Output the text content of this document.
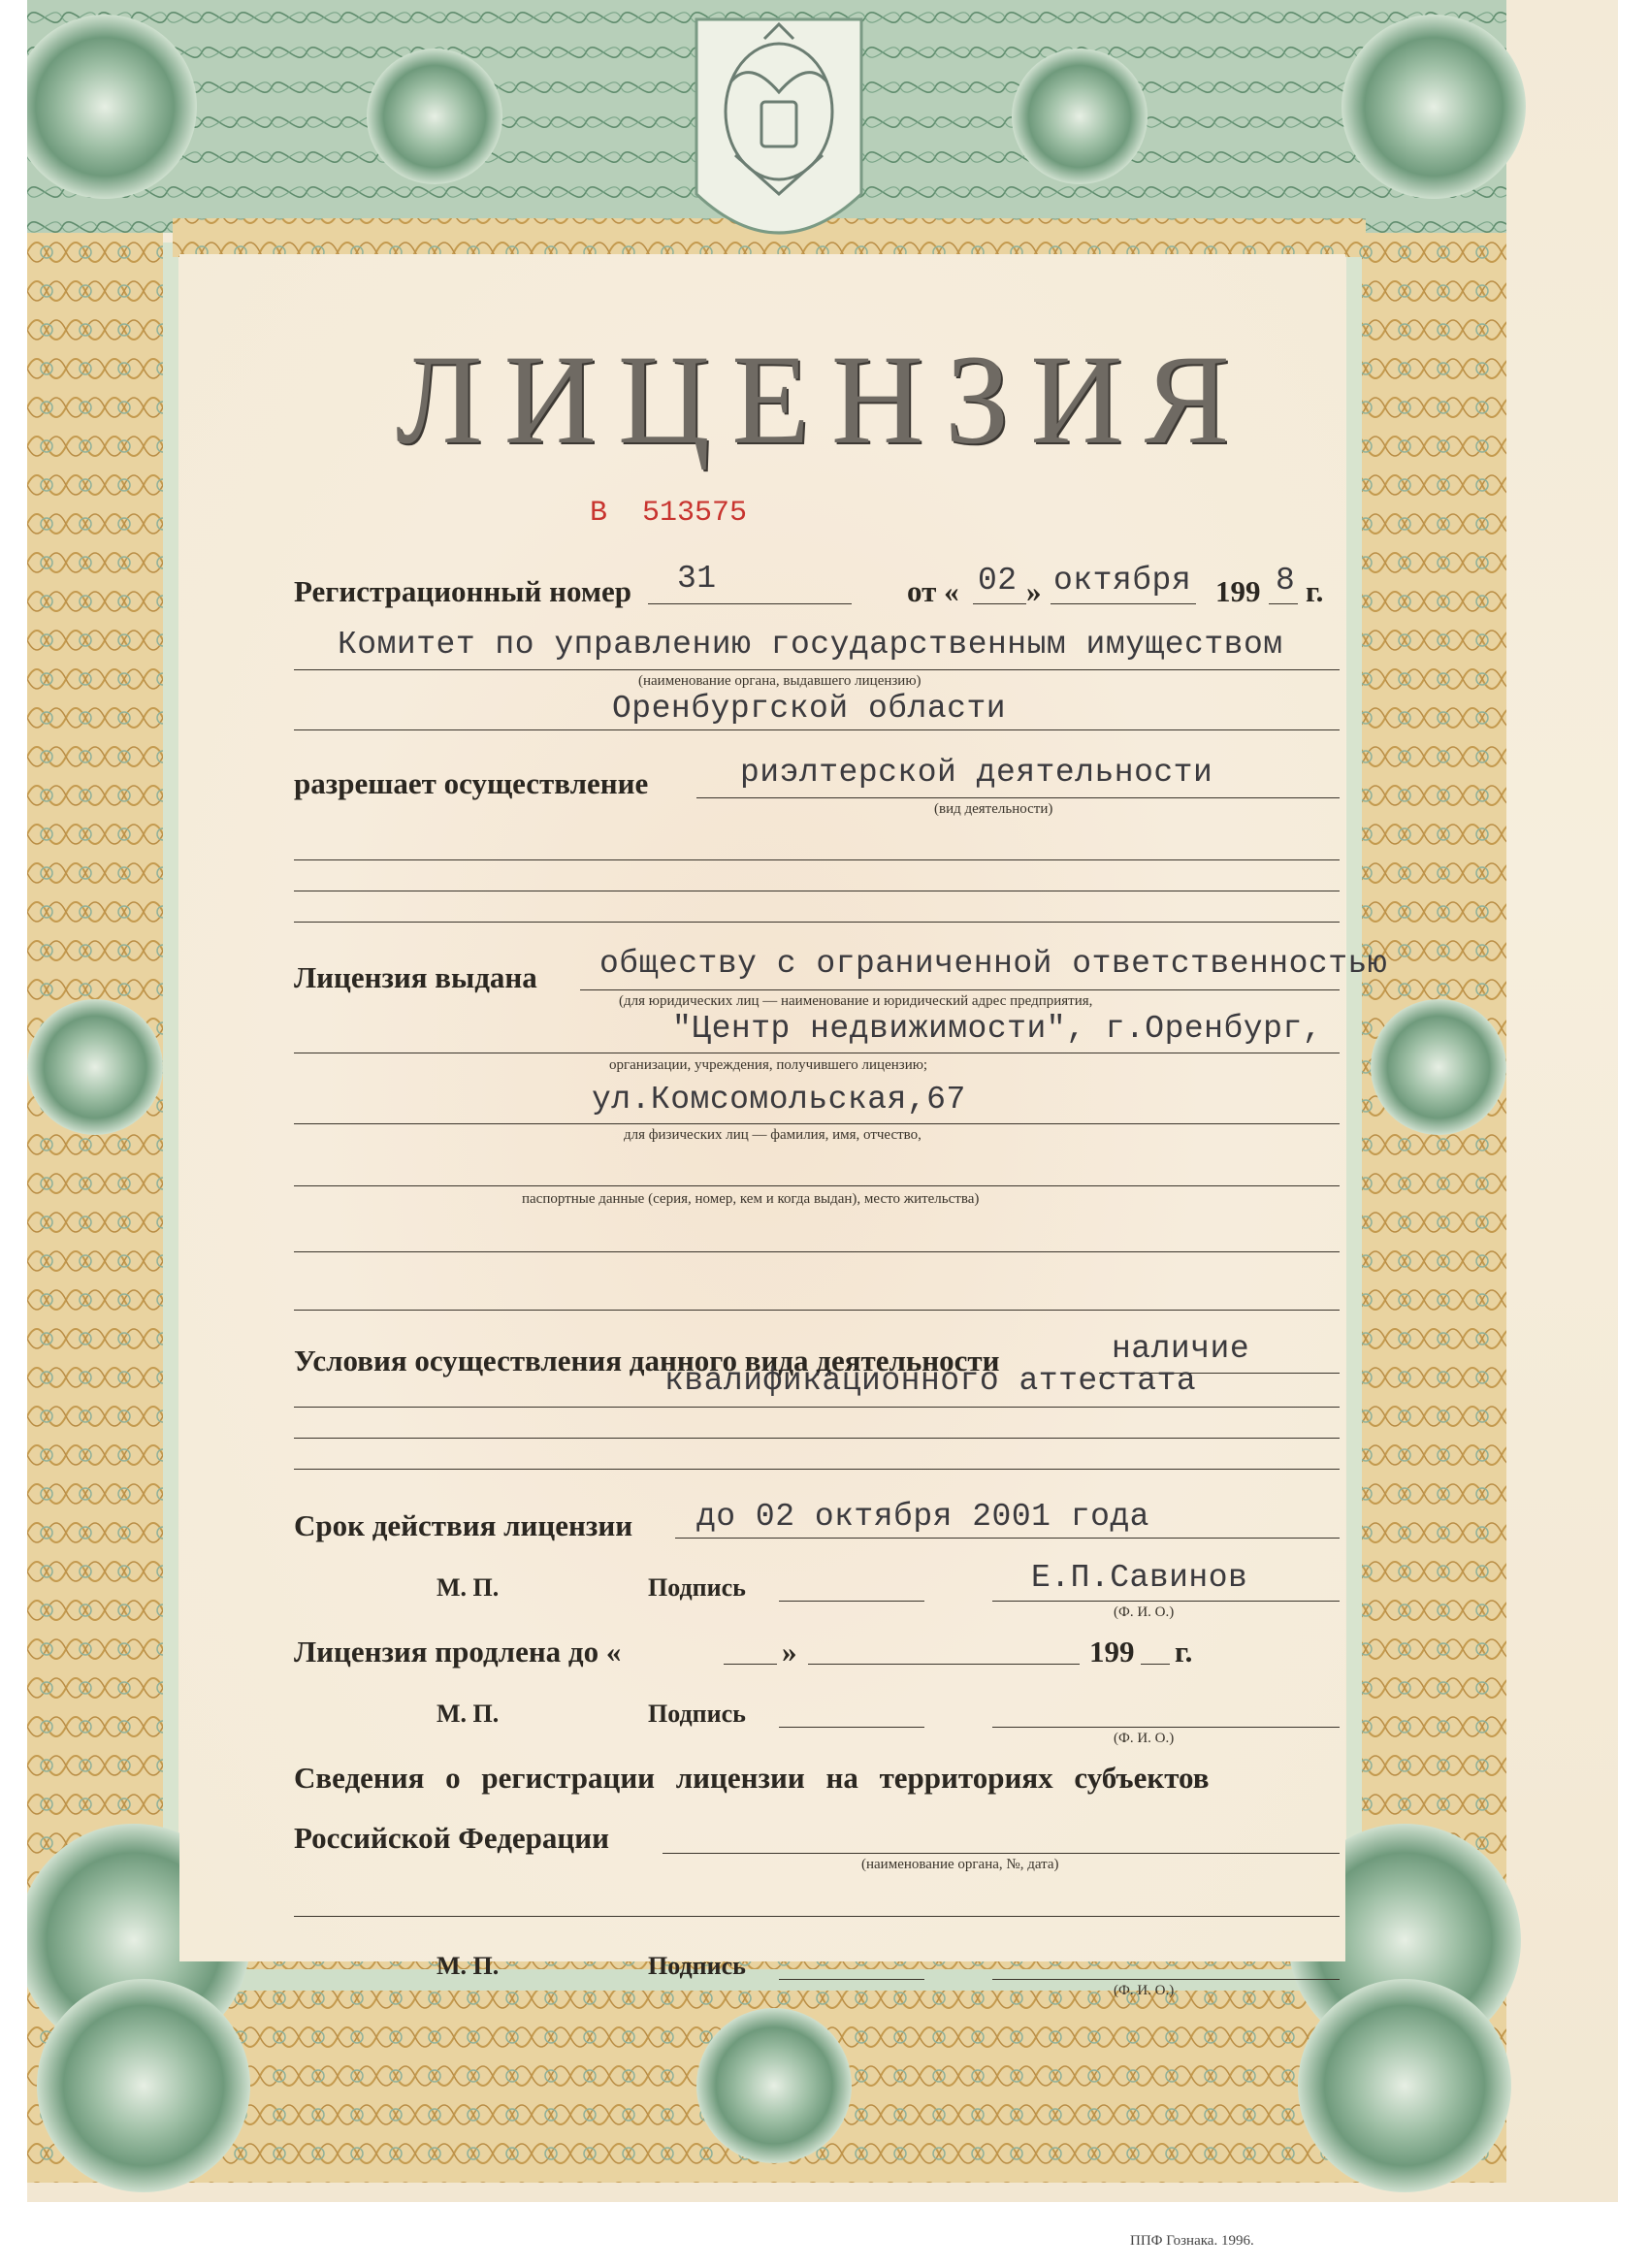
ЛИЦЕНЗИЯ
В  513575
Регистрационный номер 31	от « 02 » октября 199 8 г.
Комитет по управлению государственным имуществом
(наименование органа, выдавшего лицензию)
Оренбургской области
разрешает осуществление	риэлтерской деятельности
(вид деятельности)
Лицензия выдана обществу с ограниченной ответственностью
(для юридических лиц — наименование и юридический адрес предприятия,
"Центр недвижимости", г.Оренбург,
организации, учреждения, получившего лицензию;
ул.Комсомольская,67
для физических лиц — фамилия, имя, отчество,
паспортные данные (серия, номер, кем и когда выдан), место жительства)
Условия осуществления данного вида деятельности	наличие
квалификационного аттестата
Срок действия лицензии до 02 октября 2001 года
М. П.	Подпись	Е.П.Савинов
(Ф. И. О.)
Лицензия продлена до «	»	199 г.
М. П.	Подпись
(Ф. И. О.)
Сведения о регистрации лицензии на территориях субъектов
Российской Федерации
(наименование органа, №, дата)
М. П.	Подпись
(Ф. И. О.)
ППФ Гознака. 1996.
